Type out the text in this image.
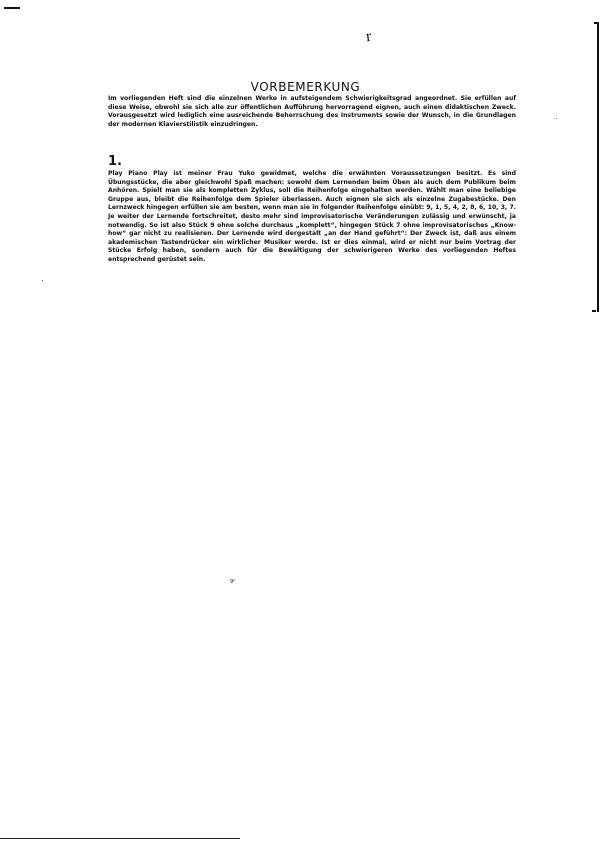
r
VORBEMERKUNG

Im vorliegenden Heft sind die einzelnen Werke in aufsteigendem Schwierigkeitsgrad angeordnet. Sie erfüllen auf diese Weise, obwohl sie sich alle zur öffentlichen Aufführung hervorragend eignen, auch einen didaktischen Zweck. Vorausgesetzt wird lediglich eine ausreichende Beherrschung des Instruments sowie der Wunsch, in die Grundlagen der modernen Klavierstilistik einzudringen.

1.

Play Piano Play ist meiner Frau Yuko gewidmet, welche die erwähnten Voraussetzungen besitzt. Es sind Übungsstücke, die aber gleichwohl Spaß machen: sowohl dem Lernenden beim Üben als auch dem Publikum beim Anhören. Spielt man sie als kompletten Zyklus, soll die Reihenfolge eingehalten werden. Wählt man eine beliebige Gruppe aus, bleibt die Reihenfolge dem Spieler überlassen. Auch eignen sie sich als einzelne Zugabestücke. Den Lernzweck hingegen erfüllen sie am besten, wenn man sie in folgender Reihenfolge einübt: 9, 1, 5, 4, 2, 8, 6, 10, 3, 7. Je weiter der Lernende fortschreitet, desto mehr sind improvisatorische Veränderungen zulässig und erwünscht, ja notwendig. So ist also Stück 9 ohne solche durchaus „komplett“, hingegen Stück 7 ohne improvisatorisches „Know-how“ gar nicht zu realisieren. Der Lernende wird dergestalt „an der Hand geführt“: Der Zweck ist, daß aus einem akademischen Tastendrücker ein wirklicher Musiker werde. Ist er dies einmal, wird er nicht nur beim Vortrag der Stücke Erfolg haben, sondern auch für die Bewältigung der schwierigeren Werke des vorliegenden Heftes entsprechend gerüstet sein.

9ᵉ
